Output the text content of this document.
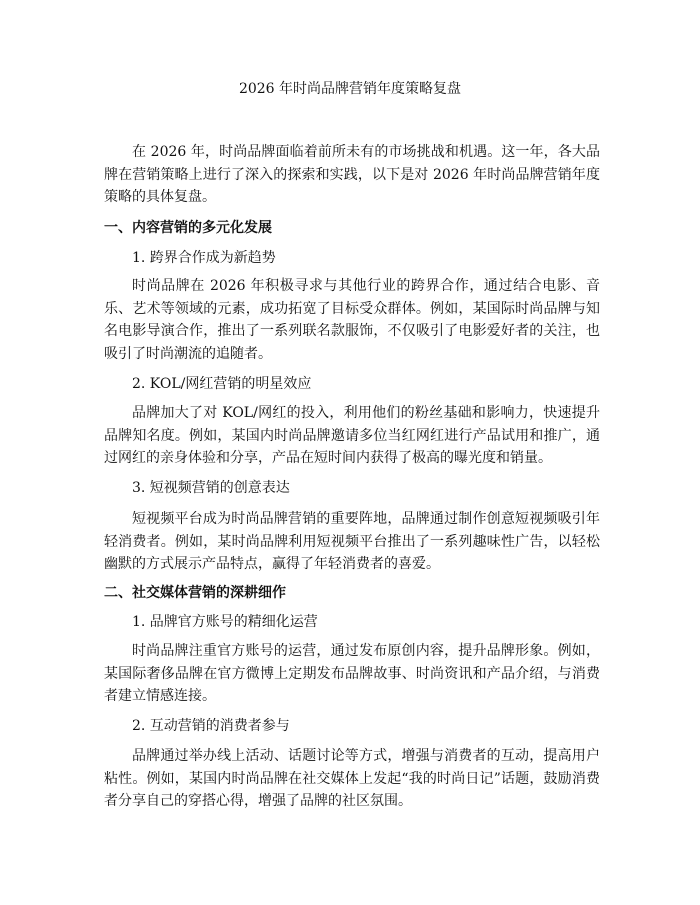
2026 年时尚品牌营销年度策略复盘

在 2026 年，时尚品牌面临着前所未有的市场挑战和机遇。这一年，各大品牌在营销策略上进行了深入的探索和实践，以下是对 2026 年时尚品牌营销年度策略的具体复盘。

一、内容营销的多元化发展
1. 跨界合作成为新趋势

时尚品牌在 2026 年积极寻求与其他行业的跨界合作，通过结合电影、音乐、艺术等领域的元素，成功拓宽了目标受众群体。例如，某国际时尚品牌与知名电影导演合作，推出了一系列联名款服饰，不仅吸引了电影爱好者的关注，也吸引了时尚潮流的追随者。

2. KOL/网红营销的明星效应

品牌加大了对 KOL/网红的投入，利用他们的粉丝基础和影响力，快速提升品牌知名度。例如，某国内时尚品牌邀请多位当红网红进行产品试用和推广，通过网红的亲身体验和分享，产品在短时间内获得了极高的曝光度和销量。

3. 短视频营销的创意表达

短视频平台成为时尚品牌营销的重要阵地，品牌通过制作创意短视频吸引年轻消费者。例如，某时尚品牌利用短视频平台推出了一系列趣味性广告，以轻松幽默的方式展示产品特点，赢得了年轻消费者的喜爱。

二、社交媒体营销的深耕细作
1. 品牌官方账号的精细化运营

时尚品牌注重官方账号的运营，通过发布原创内容，提升品牌形象。例如，某国际奢侈品牌在官方微博上定期发布品牌故事、时尚资讯和产品介绍，与消费者建立情感连接。

2. 互动营销的消费者参与

品牌通过举办线上活动、话题讨论等方式，增强与消费者的互动，提高用户粘性。例如，某国内时尚品牌在社交媒体上发起“我的时尚日记”话题，鼓励消费者分享自己的穿搭心得，增强了品牌的社区氛围。
